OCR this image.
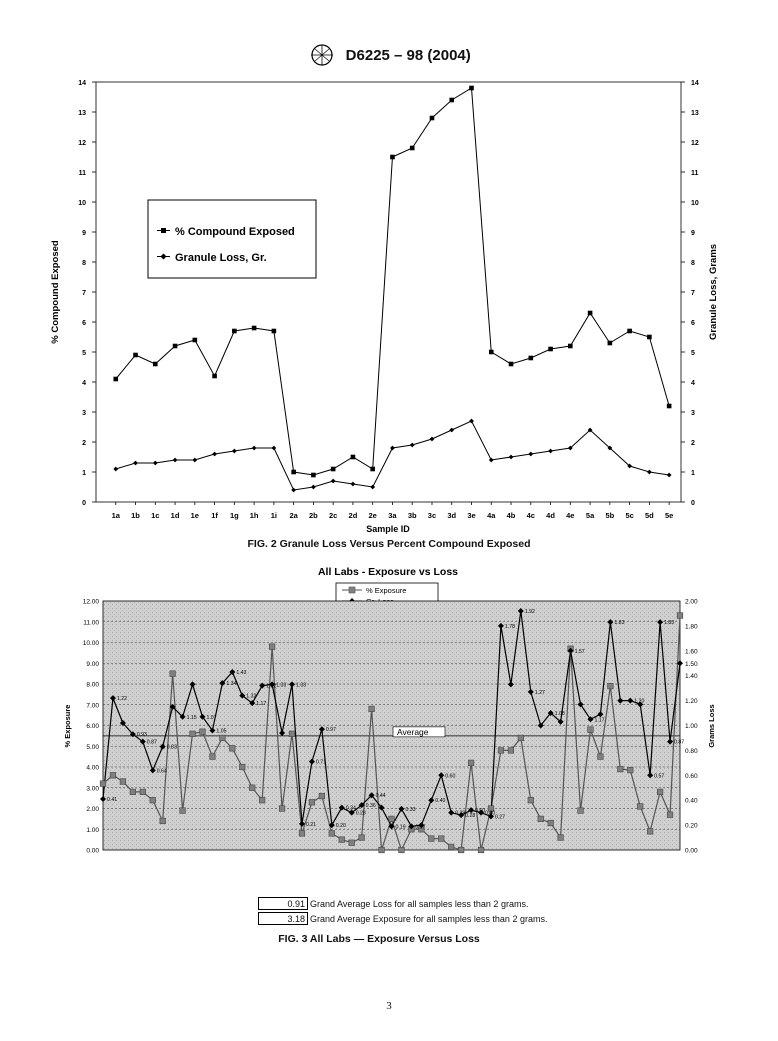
D6225 – 98 (2004)
0
1
2
3
4
5
6
7
8
9
10
11
12
13
14
0
1
2
3
4
5
6
7
8
9
10
11
12
13
14
1a 1b 1c 1d 1e 1f 1g 1h 1i 2a 2b 2c 2d 2e 3a 3b 3c 3d 3e 4a 4b 4c 4d 4e 5a 5b 5c 5d 5e
% Compound Exposed	Granule Loss, Grams
Sample ID
% Compound Exposed
Granule Loss, Gr.
FIG. 2 Granule Loss Versus Percent Compound Exposed
All Labs - Exposure vs Loss
% Exposure
0.00
1.00
2.00
3.00
4.00
5.00
6.00
7.00
8.00
9.00
10.00
11.00
12.00
0.00
0.20
0.40
0.60
0.80
1.00
1.20
1.40
1.50
1.60
1.80
2.00
Average
0.41
1.22
0.93
0.87
0.64
0.83
1.15 1.07
1.05
1.34
1.43
1.32
1.17
1.32 1.33 1.33
0.21
0.71
0.97
0.20
0.34
0.28
0.36
0.44
0.19
0.33
0.17
0.40
0.60
0.28 0.28
0.60 0.30
0.27
1.78
1.92
1.27
1.08
1.57
1.17
1.83
1.20
0.57
1.83
0.87
% Exposure	Grams Loss
0.91 Grand Average Loss for all samples less than 2 grams.
3.18 Grand Average Exposure for all samples less than 2 grams.
FIG. 3 All Labs — Exposure Versus Loss
3
